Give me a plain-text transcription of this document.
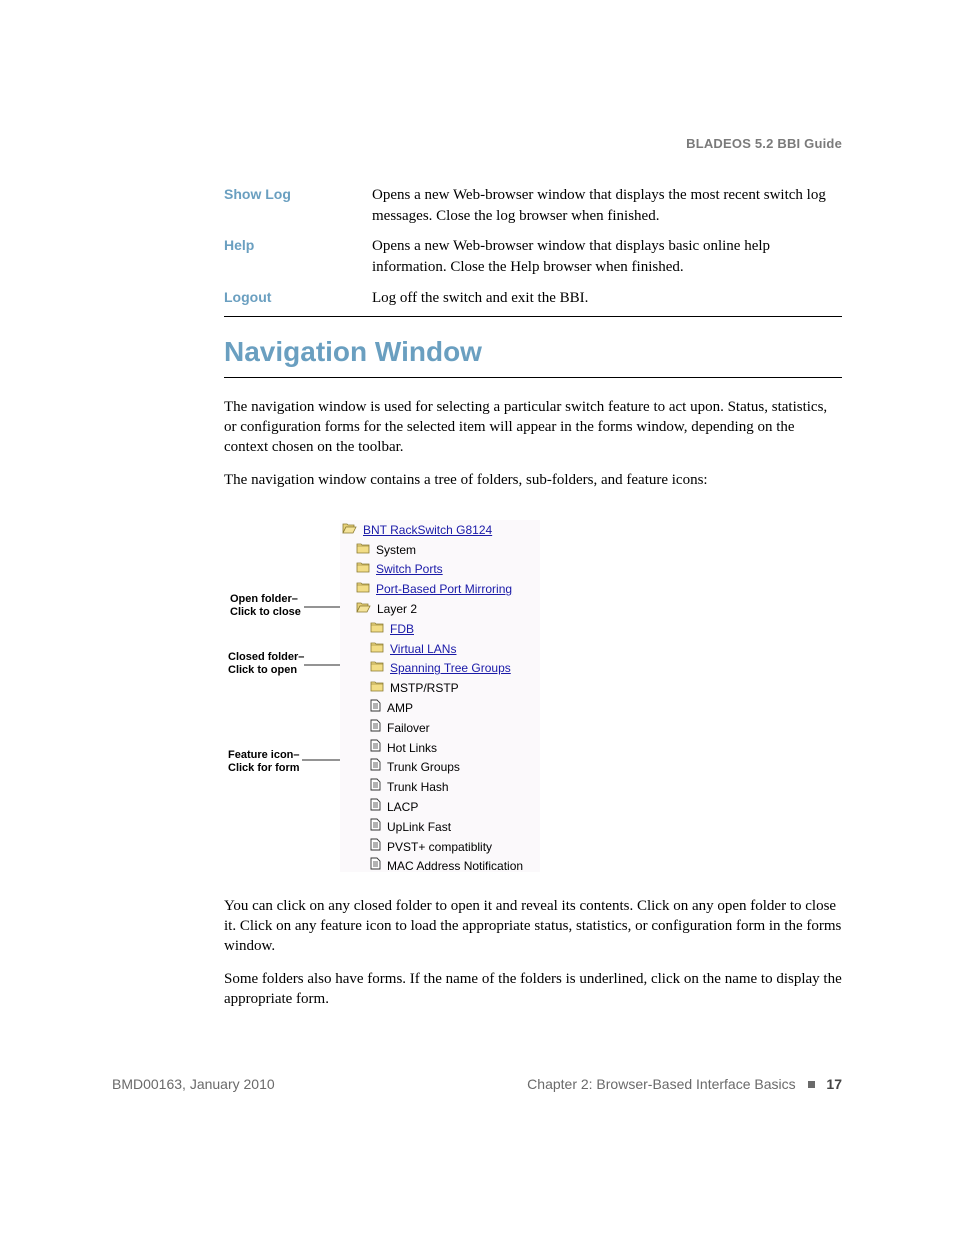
BLADEOS 5.2 BBI Guide
Show Log	Opens a new Web-browser window that displays the most recent switch log messages. Close the log browser when finished.
Help	Opens a new Web-browser window that displays basic online help information. Close the Help browser when finished.
Logout	Log off the switch and exit the BBI.
Navigation Window
The navigation window is used for selecting a particular switch feature to act upon. Status, statistics, or configuration forms for the selected item will appear in the forms window, depending on the context chosen on the toolbar.
The navigation window contains a tree of folders, sub-folders, and feature icons:
Open folder–
Click to close
Closed folder–
Click to open
Feature icon–
Click for form
BNT RackSwitch G8124
System
Switch Ports
Port-Based Port Mirroring
Layer 2
FDB
Virtual LANs
Spanning Tree Groups
MSTP/RSTP
AMP
Failover
Hot Links
Trunk Groups
Trunk Hash
LACP
UpLink Fast
PVST+ compatiblity
MAC Address Notification
You can click on any closed folder to open it and reveal its contents. Click on any open folder to close it. Click on any feature icon to load the appropriate status, statistics, or configuration form in the forms window.
Some folders also have forms. If the name of the folders is underlined, click on the name to display the appropriate form.
BMD00163, January 2010	Chapter 2: Browser-Based Interface Basics 17
